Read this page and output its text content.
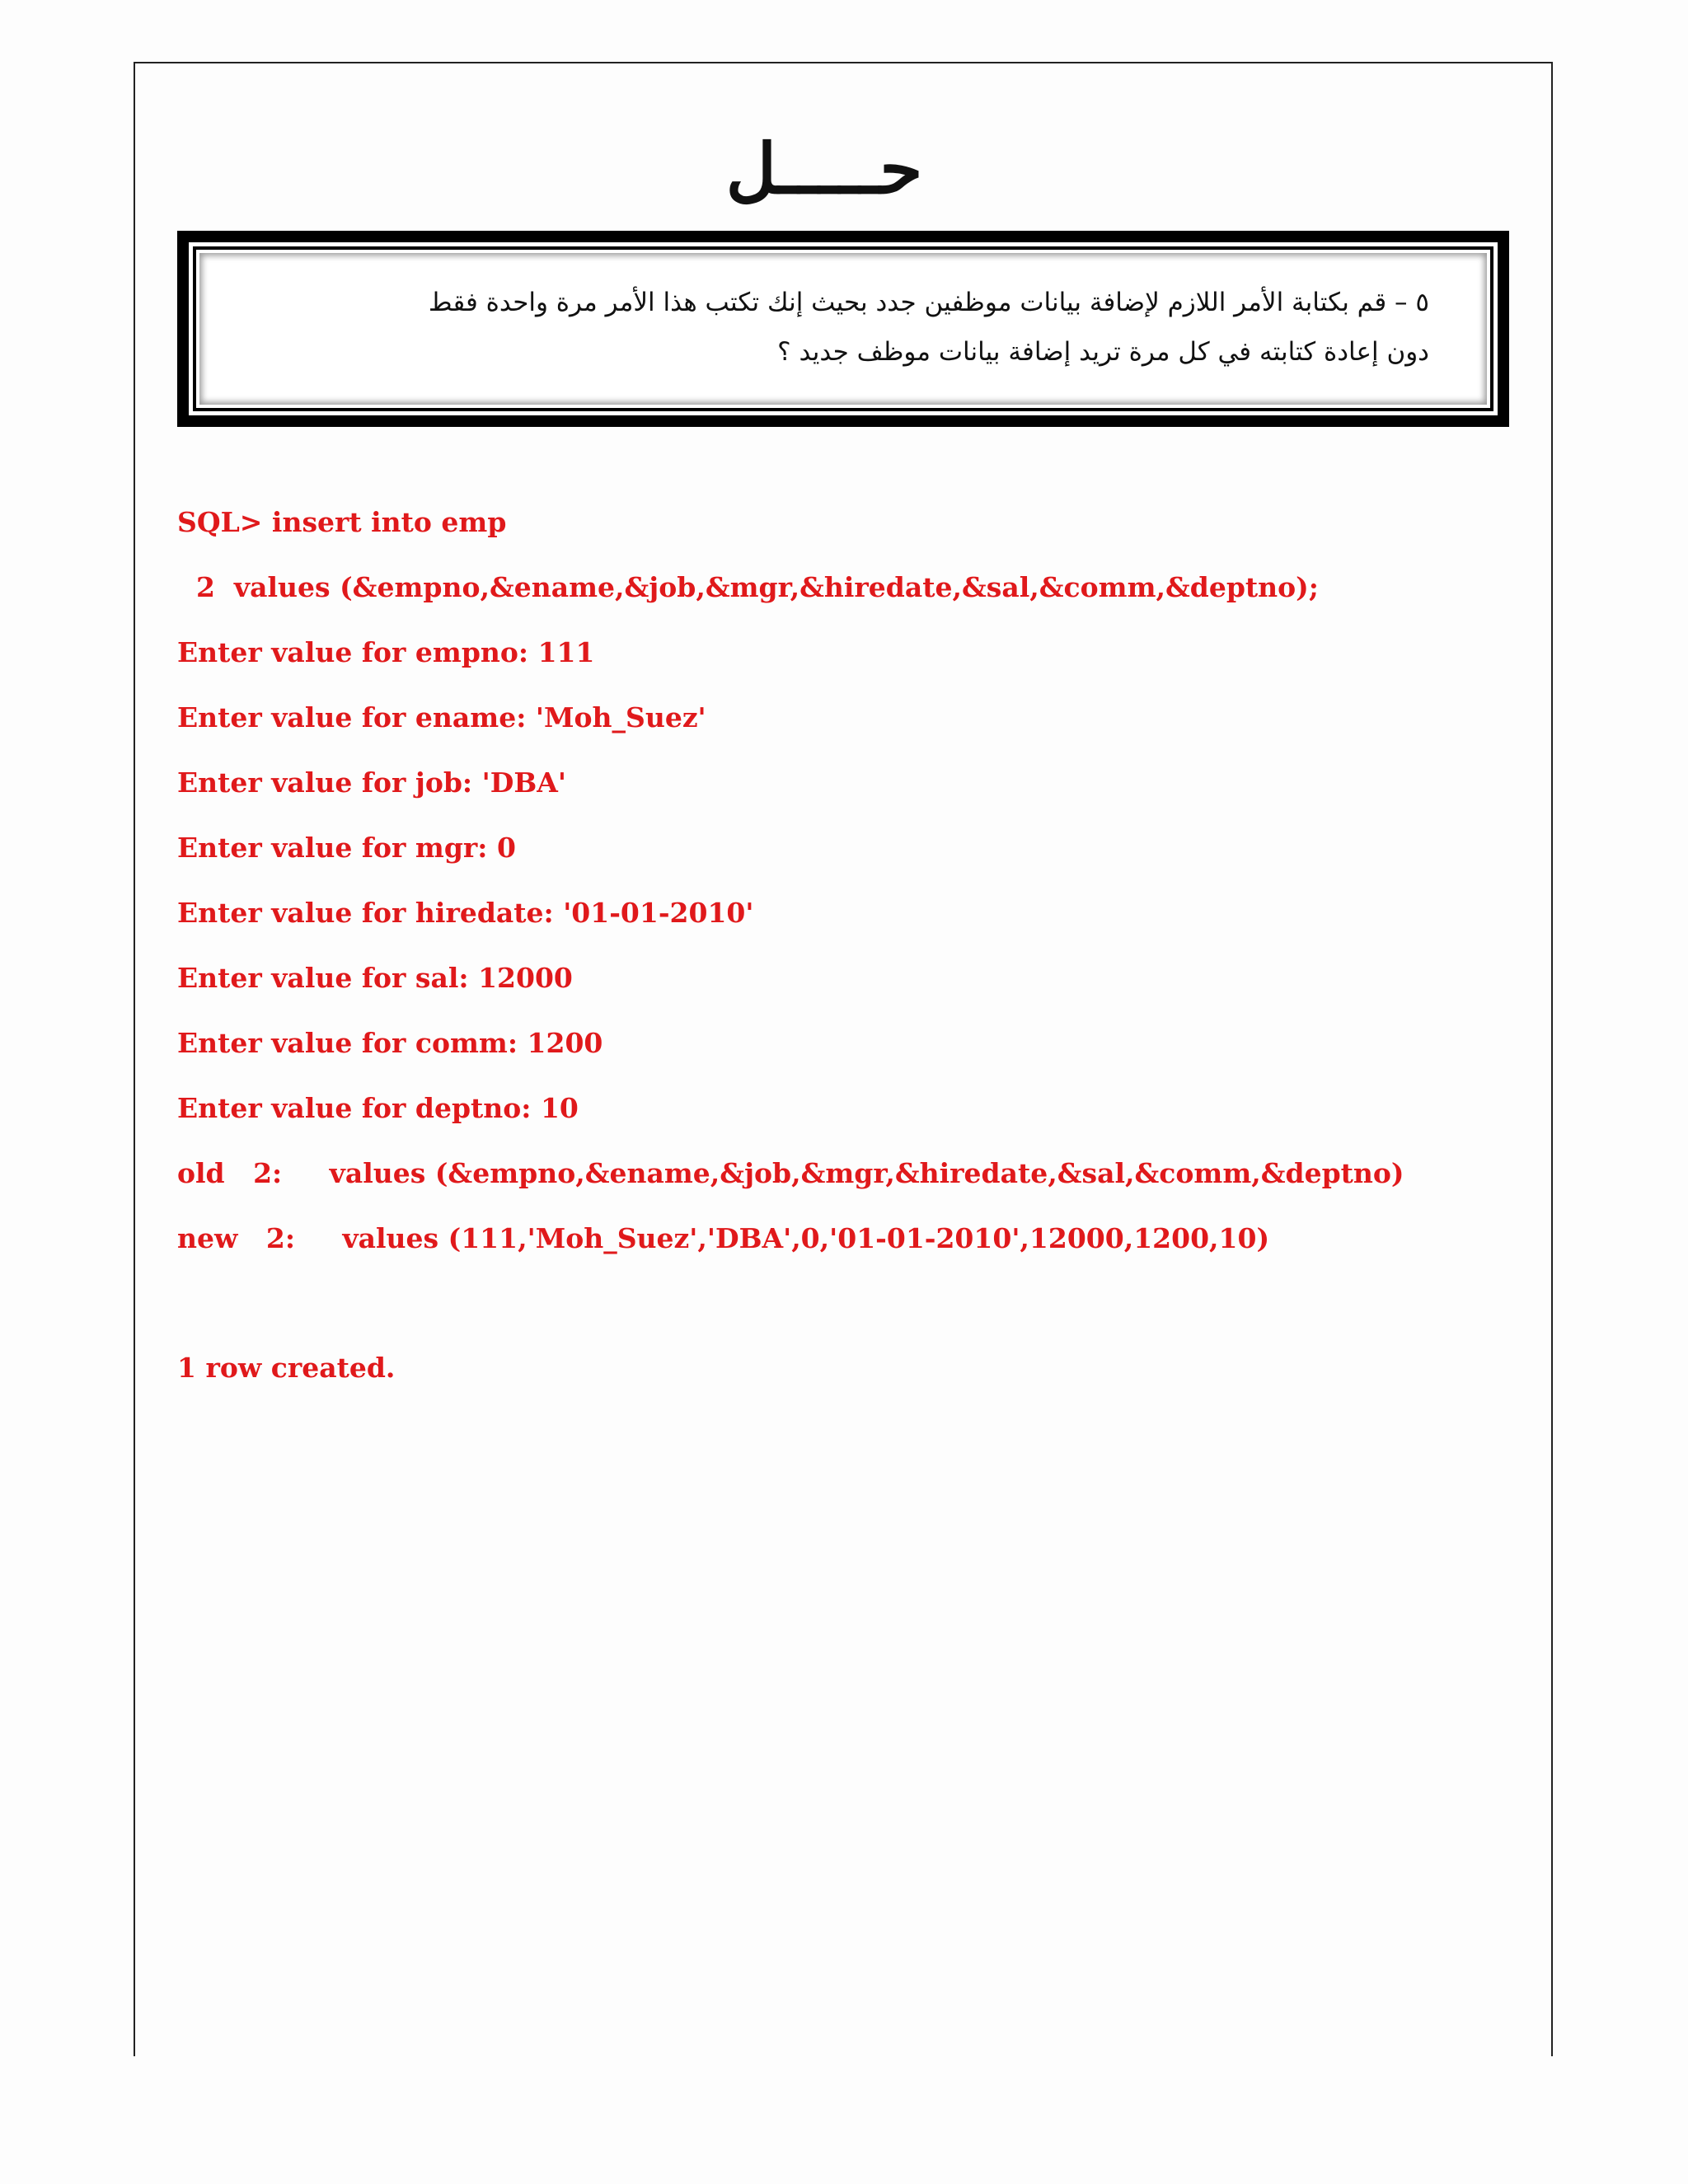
حـــــل
٥ – قم بكتابة الأمر اللازم لإضافة بيانات موظفين جدد بحيث إنك تكتب هذا الأمر مرة واحدة فقط
دون إعادة كتابته في كل مرة تريد إضافة بيانات موظف جديد ؟
SQL> insert into emp
2  values (&empno,&ename,&job,&mgr,&hiredate,&sal,&comm,&deptno);
Enter value for empno: 111
Enter value for ename: 'Moh_Suez'
Enter value for job: 'DBA'
Enter value for mgr: 0
Enter value for hiredate: '01-01-2010'
Enter value for sal: 12000
Enter value for comm: 1200
Enter value for deptno: 10
old   2:     values (&empno,&ename,&job,&mgr,&hiredate,&sal,&comm,&deptno)
new   2:     values (111,'Moh_Suez','DBA',0,'01-01-2010',12000,1200,10)
1 row created.
